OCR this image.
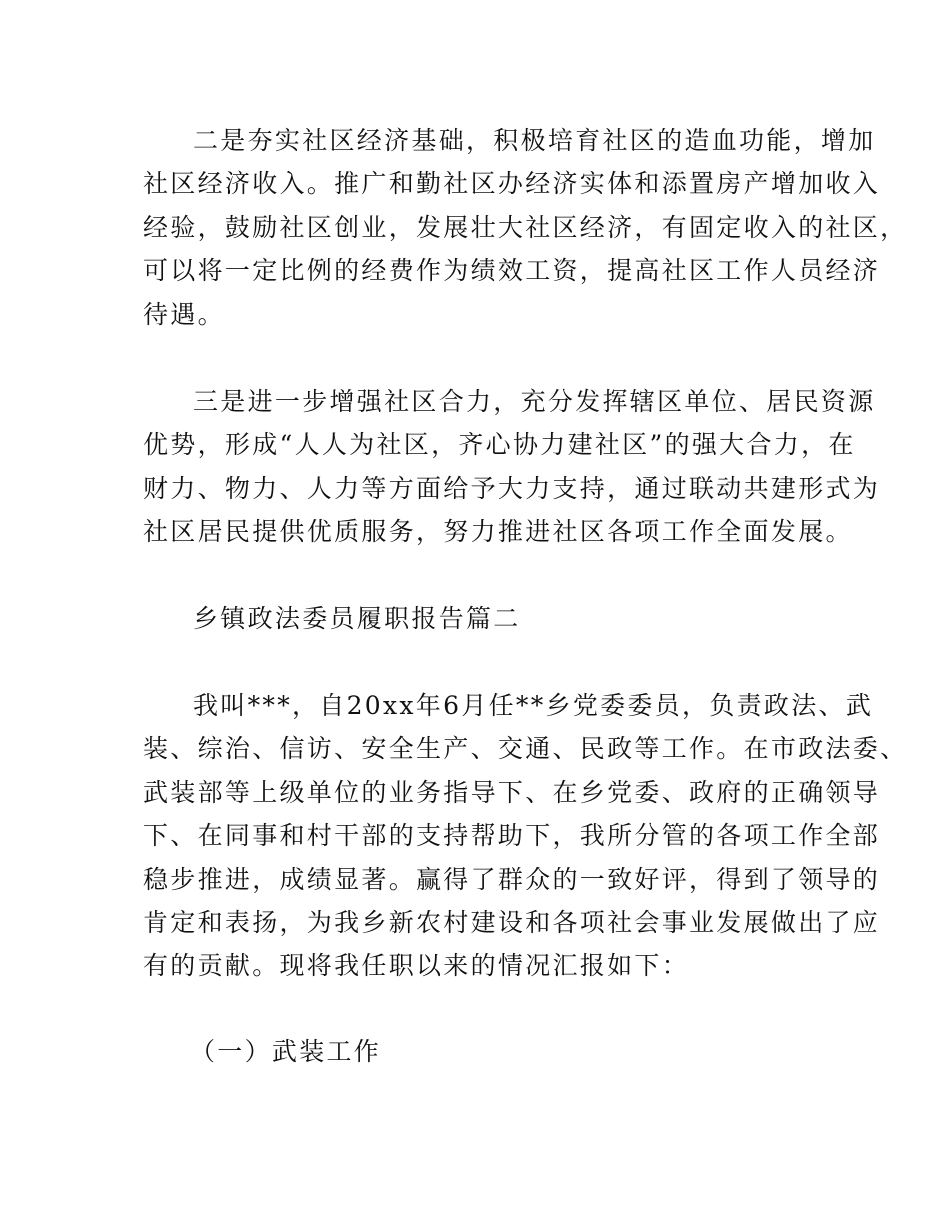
二是夯实社区经济基础，积极培育社区的造血功能，增加
社区经济收入。推广和勤社区办经济实体和添置房产增加收入
经验，鼓励社区创业，发展壮大社区经济，有固定收入的社区，
可以将一定比例的经费作为绩效工资，提高社区工作人员经济
待遇。
三是进一步增强社区合力，充分发挥辖区单位、居民资源
优势，形成“人人为社区，齐心协力建社区”的强大合力，在
财力、物力、人力等方面给予大力支持，通过联动共建形式为
社区居民提供优质服务，努力推进社区各项工作全面发展。
乡镇政法委员履职报告篇二
我叫***，自20xx年6月任**乡党委委员，负责政法、武
装、综治、信访、安全生产、交通、民政等工作。在市政法委、
武装部等上级单位的业务指导下、在乡党委、政府的正确领导
下、在同事和村干部的支持帮助下，我所分管的各项工作全部
稳步推进，成绩显著。赢得了群众的一致好评，得到了领导的
肯定和表扬，为我乡新农村建设和各项社会事业发展做出了应
有的贡献。现将我任职以来的情况汇报如下：
（一）武装工作
